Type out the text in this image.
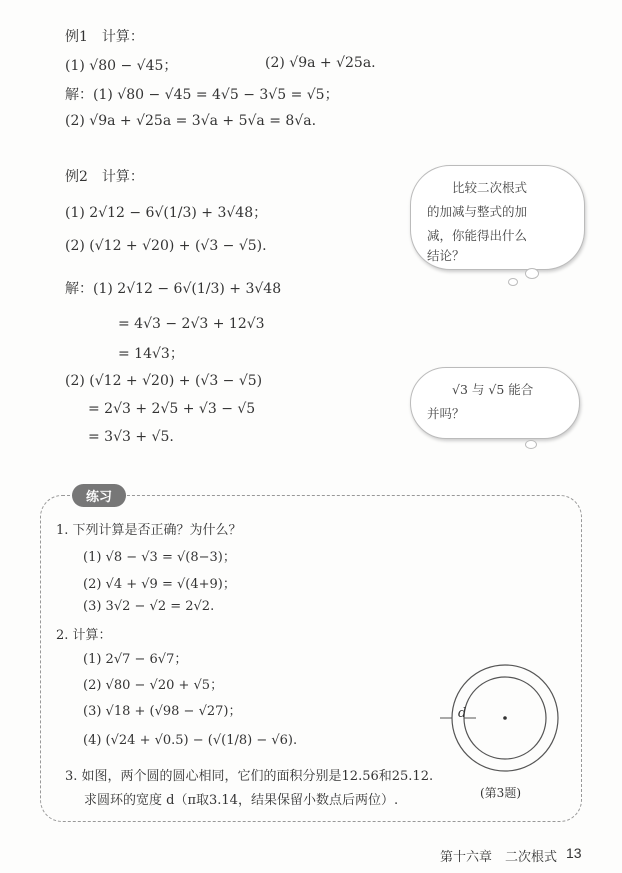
例1　计算：
(1) √80 − √45；	(2) √9a + √25a.
解：(1) √80 − √45 = 4√5 − 3√5 = √5；
(2) √9a + √25a = 3√a + 5√a = 8√a.
例2　计算：
(1) 2√12 − 6√(1/3) + 3√48；
(2) (√12 + √20) + (√3 − √5).
解：(1) 2√12 − 6√(1/3) + 3√48
= 4√3 − 2√3 + 12√3
= 14√3；
(2) (√12 + √20) + (√3 − √5)
= 2√3 + 2√5 + √3 − √5
= 3√3 + √5.
　　比较二次根式
的加减与整式的加
减，你能得出什么
结论？
　　√3 与 √5 能合
并吗？
练习
1. 下列计算是否正确？为什么？
(1) √8 − √3 = √(8−3)；
(2) √4 + √9 = √(4+9)；
(3) 3√2 − √2 = 2√2.
2. 计算：
(1) 2√7 − 6√7；
(2) √80 − √20 + √5；
(3) √18 + (√98 − √27)；
(4) (√24 + √0.5) − (√(1/8) − √6).
3. 如图，两个圆的圆心相同，它们的面积分别是12.56和25.12.
求圆环的宽度 d（π取3.14，结果保留小数点后两位）.
d
(第3题)
第十六章　二次根式 13
